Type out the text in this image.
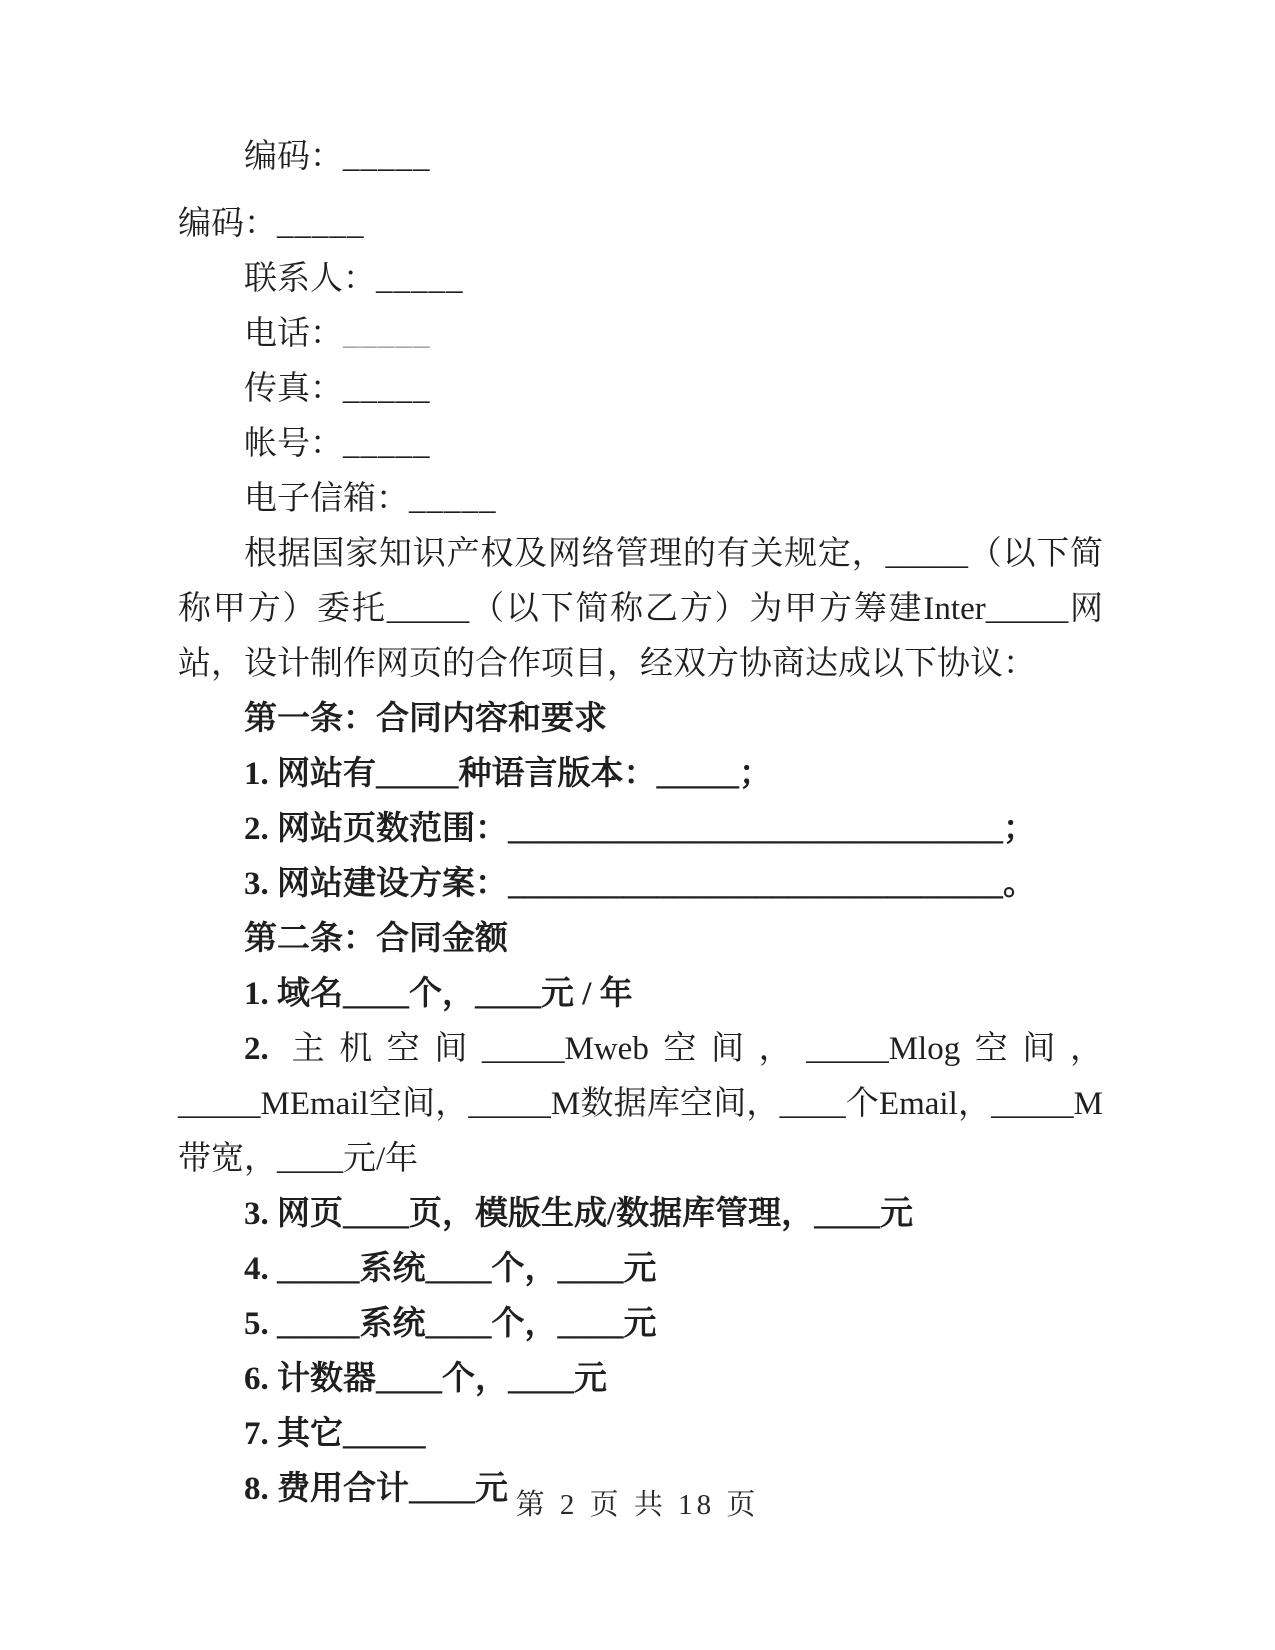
编码：_____

编码：_____

联系人：_____

电话：_____

传真：_____

帐号：_____

电子信箱：_____

根据国家知识产权及网络管理的有关规定，_____（以下简称甲方）委托_____（以下简称乙方）为甲方筹建Inter_____网站，设计制作网页的合作项目，经双方协商达成以下协议：

第一条：合同内容和要求

1. 网站有_____种语言版本：_____；

2. 网站页数范围：______________________________；

3. 网站建设方案：______________________________。

第二条：合同金额

1. 域名____个，____元 / 年

2. 主机空间_____Mweb空间，_____Mlog空间，_____MEmail空间，_____M数据库空间，____个Email，_____M带宽，____元/年

3. 网页____页，模版生成/数据库管理，____元

4. _____系统____个，____元

5. _____系统____个，____元

6. 计数器____个，____元

7. 其它_____

8. 费用合计____元 第 2 页 共 18 页
